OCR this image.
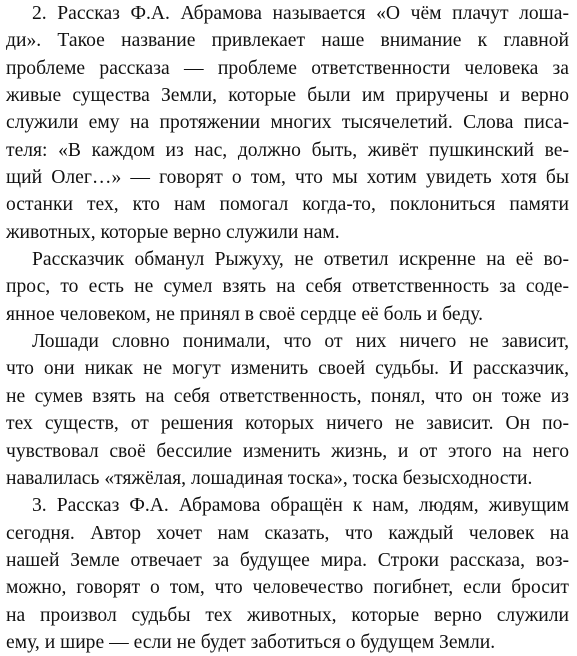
2. Рассказ Ф.А. Абрамова называется «О чём плачут лоша-
ди». Такое название привлекает наше внимание к главной
проблеме рассказа — проблеме ответственности человека за
живые существа Земли, которые были им приручены и верно
служили ему на протяжении многих тысячелетий. Слова писа-
теля: «В каждом из нас, должно быть, живёт пушкинский ве-
щий Олег…» — говорят о том, что мы хотим увидеть хотя бы
останки тех, кто нам помогал когда-то, поклониться памяти
животных, которые верно служили нам.
Рассказчик обманул Рыжуху, не ответил искренне на её во-
прос, то есть не сумел взять на себя ответственность за соде-
янное человеком, не принял в своё сердце её боль и беду.
Лошади словно понимали, что от них ничего не зависит,
что они никак не могут изменить своей судьбы. И рассказчик,
не сумев взять на себя ответственность, понял, что он тоже из
тех существ, от решения которых ничего не зависит. Он по-
чувствовал своё бессилие изменить жизнь, и от этого на него
навалилась «тяжёлая, лошадиная тоска», тоска безысходности.
3. Рассказ Ф.А. Абрамова обращён к нам, людям, живущим
сегодня. Автор хочет нам сказать, что каждый человек на
нашей Земле отвечает за будущее мира. Строки рассказа, воз-
можно, говорят о том, что человечество погибнет, если бросит
на произвол судьбы тех животных, которые верно служили
ему, и шире — если не будет заботиться о будущем Земли.
